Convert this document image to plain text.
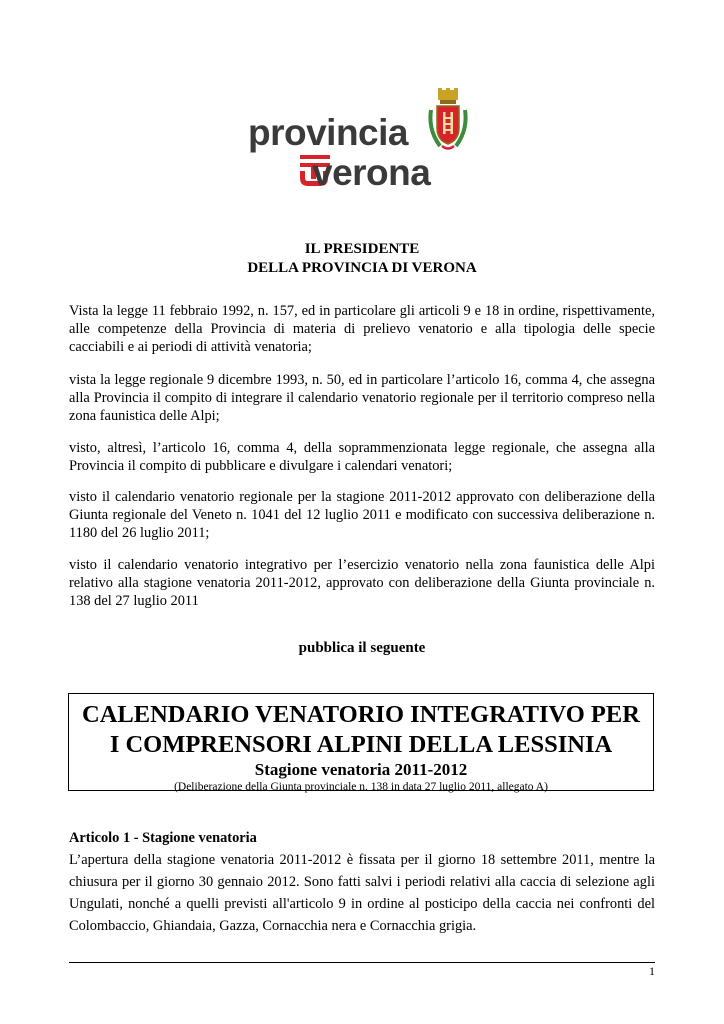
provincia
verona
IL PRESIDENTE
DELLA PROVINCIA DI VERONA
Vista la legge 11 febbraio 1992, n. 157, ed in particolare gli articoli 9 e 18 in ordine, rispettivamente, alle competenze della Provincia di materia di prelievo venatorio e alla tipologia delle specie cacciabili e ai periodi di attività venatoria;
vista la legge regionale 9 dicembre 1993, n. 50, ed in particolare l’articolo 16, comma 4, che assegna alla Provincia il compito di integrare il calendario venatorio regionale per il territorio compreso nella zona faunistica delle Alpi;
visto, altresì, l’articolo 16, comma 4, della soprammenzionata legge regionale, che assegna alla Provincia il compito di pubblicare e divulgare i calendari venatori;
visto il calendario venatorio regionale per la stagione 2011-2012 approvato con deliberazione della Giunta regionale del Veneto n. 1041 del 12 luglio 2011 e modificato con successiva deliberazione n. 1180 del 26 luglio 2011;
visto il calendario venatorio integrativo per l’esercizio venatorio nella zona faunistica delle Alpi relativo alla stagione venatoria 2011-2012, approvato con deliberazione della Giunta provinciale n. 138 del 27 luglio 2011
pubblica il seguente
CALENDARIO VENATORIO INTEGRATIVO PER
I COMPRENSORI ALPINI DELLA LESSINIA
Stagione venatoria 2011-2012
(Deliberazione della Giunta provinciale n. 138 in data 27 luglio 2011, allegato A)
Articolo 1 - Stagione venatoria
L’apertura della stagione venatoria 2011-2012 è fissata per il giorno 18 settembre 2011, mentre la chiusura per il giorno 30 gennaio 2012. Sono fatti salvi i periodi relativi alla caccia di selezione agli Ungulati, nonché a quelli previsti all'articolo 9 in ordine al posticipo della caccia nei confronti del Colombaccio, Ghiandaia, Gazza, Cornacchia nera e Cornacchia grigia.
1
